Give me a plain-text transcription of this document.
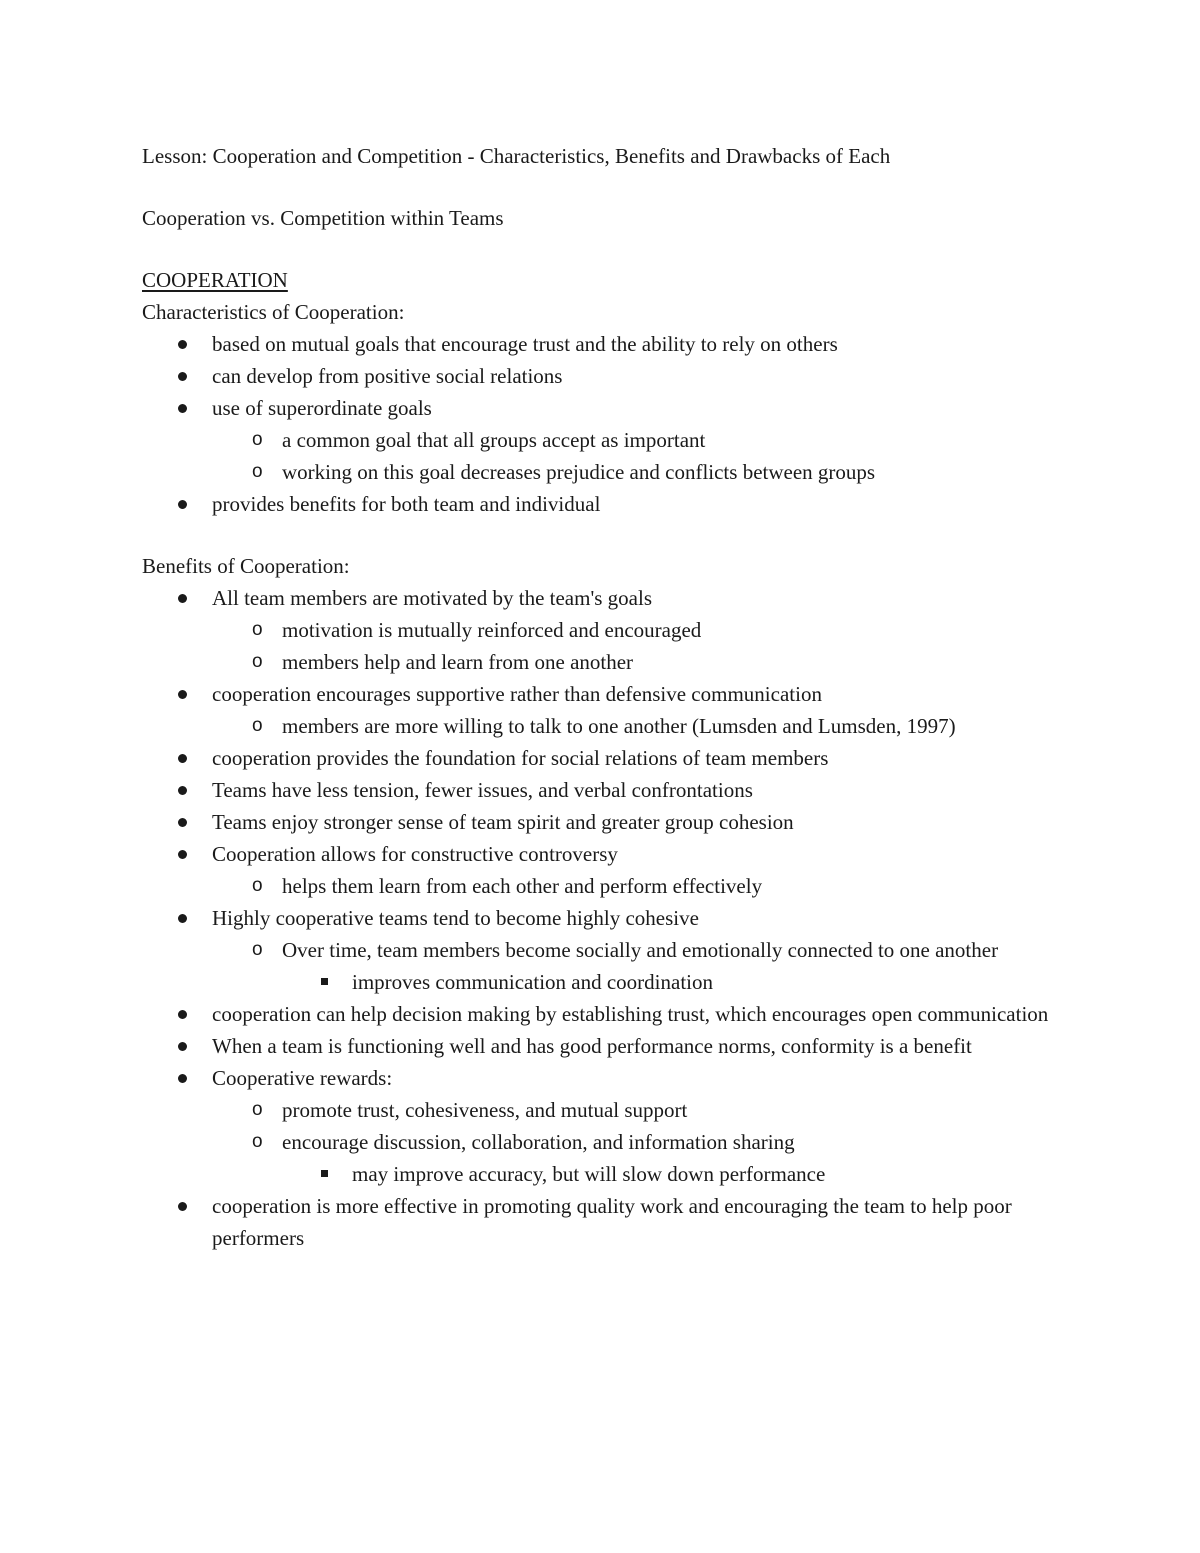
Lesson: Cooperation and Competition - Characteristics, Benefits and Drawbacks of Each
Cooperation vs. Competition within Teams
COOPERATION
Characteristics of Cooperation:
based on mutual goals that encourage trust and the ability to rely on others
can develop from positive social relations
use of superordinate goals
o a common goal that all groups accept as important
o working on this goal decreases prejudice and conflicts between groups
provides benefits for both team and individual
Benefits of Cooperation:
All team members are motivated by the team's goals
o motivation is mutually reinforced and encouraged
o members help and learn from one another
cooperation encourages supportive rather than defensive communication
o members are more willing to talk to one another (Lumsden and Lumsden, 1997)
cooperation provides the foundation for social relations of team members
Teams have less tension, fewer issues, and verbal confrontations
Teams enjoy stronger sense of team spirit and greater group cohesion
Cooperation allows for constructive controversy
o helps them learn from each other and perform effectively
Highly cooperative teams tend to become highly cohesive
o Over time, team members become socially and emotionally connected to one another
improves communication and coordination
cooperation can help decision making by establishing trust, which encourages open communication
When a team is functioning well and has good performance norms, conformity is a benefit
Cooperative rewards:
o promote trust, cohesiveness, and mutual support
o encourage discussion, collaboration, and information sharing
may improve accuracy, but will slow down performance
cooperation is more effective in promoting quality work and encouraging the team to help poor performers
